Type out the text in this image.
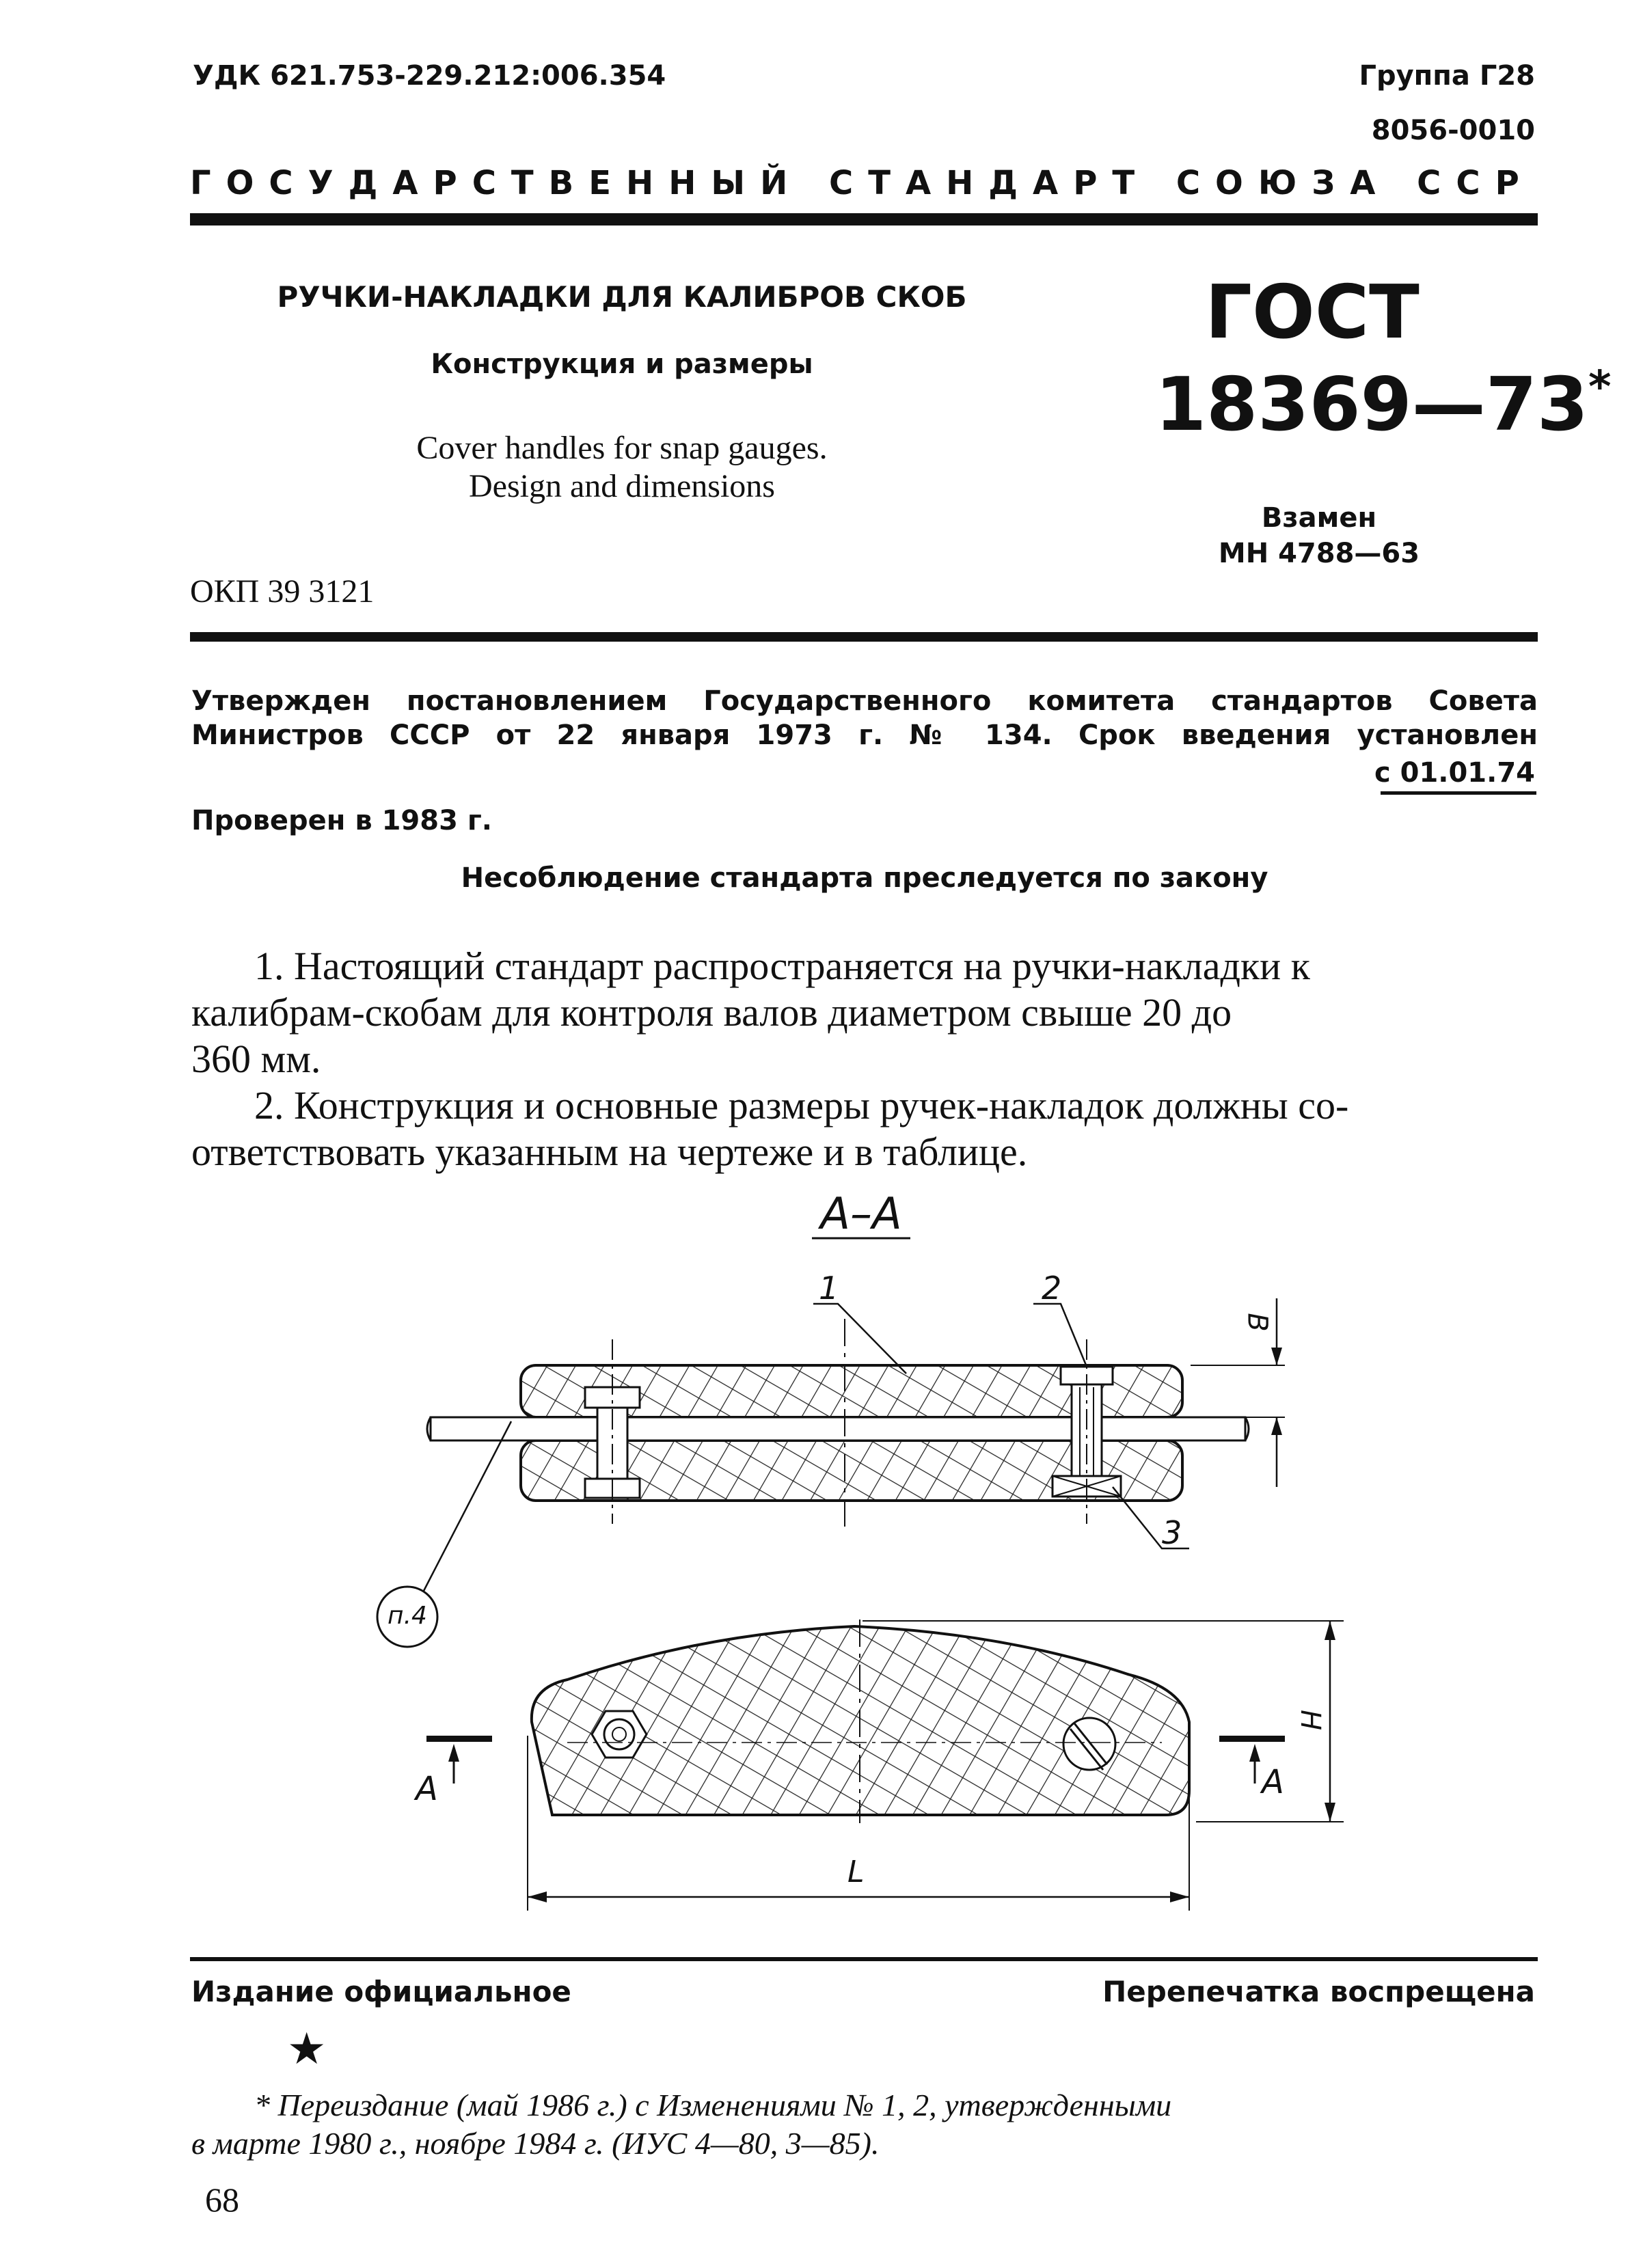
УДК 621.753-229.212:006.354	Группа Г28
8056-0010
ГОСУДАРСТВЕННЫЙ СТАНДАРТ СОЮЗА ССР
РУЧКИ-НАКЛАДКИ ДЛЯ КАЛИБРОВ СКОБ
Конструкция и размеры
Cover handles for snap gauges.
Design and dimensions
ОКП 39 3121
ГОСТ
18369—73*
Взамен
МН 4788—63
Утвержден постановлением Государственного комитета стандартов Совета
Министров СССР от 22 января 1973 г. № 134. Срок введения установлен
с 01.01.74
Проверен в 1983 г.
Несоблюдение стандарта преследуется по закону
1. Настоящий стандарт распространяется на ручки-накладки к
калибрам-скобам для контроля валов диаметром свыше 20 до
360 мм.
2. Конструкция и основные размеры ручек-накладок должны со-
ответствовать указанным на чертеже и в таблице.
А–А
1	2
3
В
Н
L
п.4
А	А
Издание официальное	Перепечатка воспрещена
★
* Переиздание (май 1986 г.) с Изменениями № 1, 2, утвержденными
в марте 1980 г., ноябре 1984 г. (ИУС 4—80, 3—85).
68
